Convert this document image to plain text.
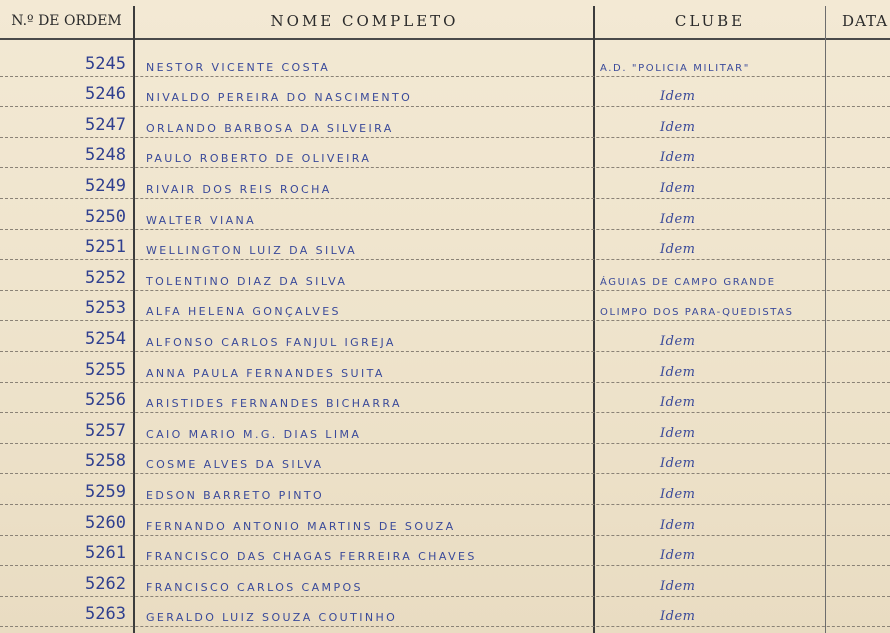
N.º DE ORDEM	NOME COMPLETO	CLUBE	DATA
5245 NESTOR VICENTE COSTA	A.D. "POLICIA MILITAR"
5246 NIVALDO PEREIRA DO NASCIMENTO	Idem
5247 ORLANDO BARBOSA DA SILVEIRA	Idem
5248 PAULO ROBERTO DE OLIVEIRA	Idem
5249 RIVAIR DOS REIS ROCHA	Idem
5250 WALTER VIANA	Idem
5251 WELLINGTON LUIZ DA SILVA	Idem
5252 TOLENTINO DIAZ DA SILVA	ÁGUIAS DE CAMPO GRANDE
5253 ALFA HELENA GONÇALVES	OLIMPO DOS PARA-QUEDISTAS
5254 ALFONSO CARLOS FANJUL IGREJA	Idem
5255 ANNA PAULA FERNANDES SUITA	Idem
5256 ARISTIDES FERNANDES BICHARRA	Idem
5257 CAIO MARIO M.G. DIAS LIMA	Idem
5258 COSME ALVES DA SILVA	Idem
5259 EDSON BARRETO PINTO	Idem
5260 FERNANDO ANTONIO MARTINS DE SOUZA	Idem
5261 FRANCISCO DAS CHAGAS FERREIRA CHAVES	Idem
5262 FRANCISCO CARLOS CAMPOS	Idem
5263 GERALDO LUIZ SOUZA COUTINHO	Idem
